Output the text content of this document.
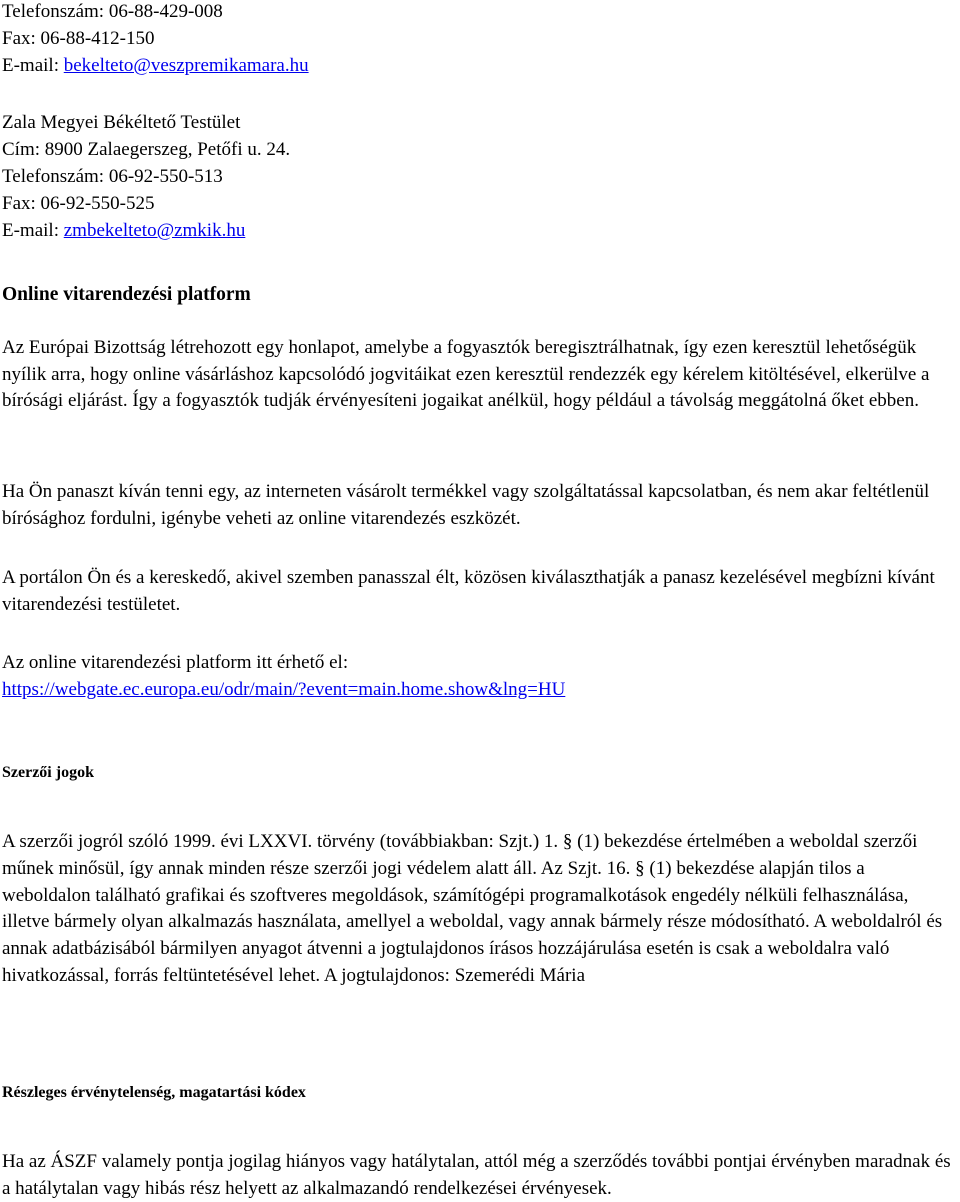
Telefonszám: 06-88-429-008
Fax: 06-88-412-150
E-mail: bekelteto@veszpremikamara.hu
Zala Megyei Békéltető Testület
Cím: 8900 Zalaegerszeg, Petőfi u. 24.
Telefonszám: 06-92-550-513
Fax: 06-92-550-525
E-mail: zmbekelteto@zmkik.hu
Online vitarendezési platform
Az Európai Bizottság létrehozott egy honlapot, amelybe a fogyasztók beregisztrálhatnak, így ezen keresztül lehetőségük nyílik arra, hogy online vásárláshoz kapcsolódó jogvitáikat ezen keresztül rendezzék egy kérelem kitöltésével, elkerülve a bírósági eljárást. Így a fogyasztók tudják érvényesíteni jogaikat anélkül, hogy például a távolság meggátolná őket ebben.
Ha Ön panaszt kíván tenni egy, az interneten vásárolt termékkel vagy szolgáltatással kapcsolatban, és nem akar feltétlenül bírósághoz fordulni, igénybe veheti az online vitarendezés eszközét.
A portálon Ön és a kereskedő, akivel szemben panasszal élt, közösen kiválaszthatják a panasz kezelésével megbízni kívánt vitarendezési testületet.
Az online vitarendezési platform itt érhető el:
https://webgate.ec.europa.eu/odr/main/?event=main.home.show&lng=HU
Szerzői jogok
A szerzői jogról szóló 1999. évi LXXVI. törvény (továbbiakban: Szjt.) 1. § (1) bekezdése értelmében a weboldal szerzői műnek minősül, így annak minden része szerzői jogi védelem alatt áll. Az Szjt. 16. § (1) bekezdése alapján tilos a weboldalon található grafikai és szoftveres megoldások, számítógépi programalkotások engedély nélküli felhasználása, illetve bármely olyan alkalmazás használata, amellyel a weboldal, vagy annak bármely része módosítható. A weboldalról és annak adatbázisából bármilyen anyagot átvenni a jogtulajdonos írásos hozzájárulása esetén is csak a weboldalra való hivatkozással, forrás feltüntetésével lehet. A jogtulajdonos: Szemerédi Mária
Részleges érvénytelenség, magatartási kódex
Ha az ÁSZF valamely pontja jogilag hiányos vagy hatálytalan, attól még a szerződés további pontjai érvényben maradnak és a hatálytalan vagy hibás rész helyett az alkalmazandó rendelkezései érvényesek.
